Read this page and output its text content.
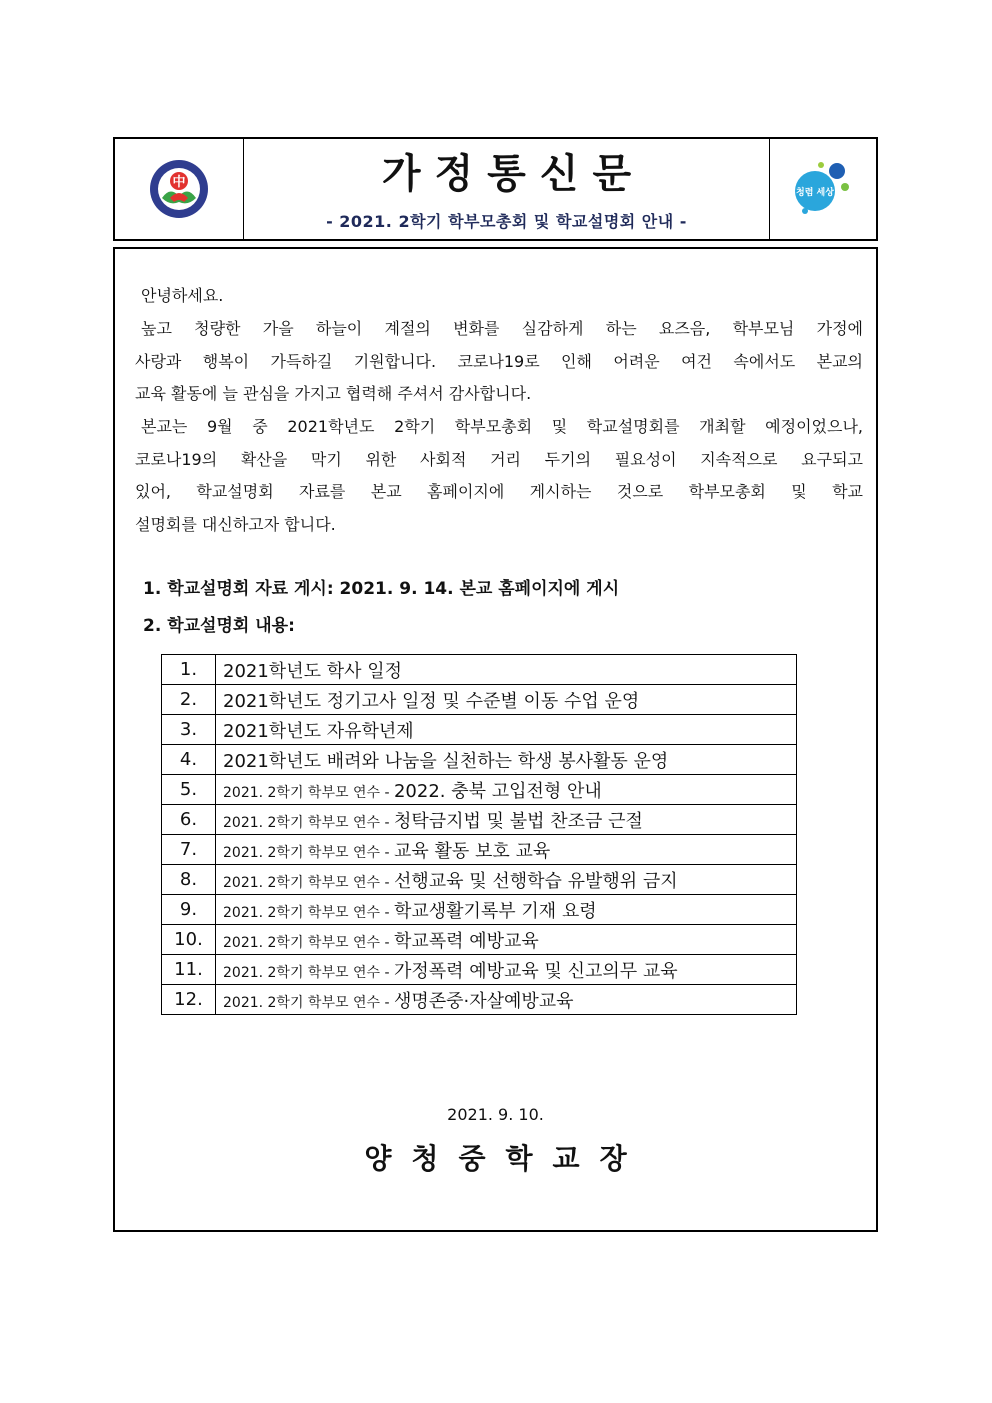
中	가정통신문
- 2021. 2학기 학부모총회 및 학교설명회 안내 -
청렴 세상

안녕하세요.

높고 청량한 가을 하늘이 계절의 변화를 실감하게 하는 요즈음, 학부모님 가정에

사랑과 행복이 가득하길 기원합니다. 코로나19로 인해 어려운 여건 속에서도 본교의

교육 활동에 늘 관심을 가지고 협력해 주셔서 감사합니다.

본교는 9월 중 2021학년도 2학기 학부모총회 및 학교설명회를 개최할 예정이었으나,

코로나19의 확산을 막기 위한 사회적 거리 두기의 필요성이 지속적으로 요구되고

있어, 학교설명회 자료를 본교 홈페이지에 게시하는 것으로 학부모총회 및 학교

설명회를 대신하고자 합니다.

1. 학교설명회 자료 게시: 2021. 9. 14. 본교 홈페이지에 게시
2. 학교설명회 내용:
1.	2021학년도 학사 일정
2.	2021학년도 정기고사 일정 및 수준별 이동 수업 운영
3.	2021학년도 자유학년제
4.	2021학년도 배려와 나눔을 실천하는 학생 봉사활동 운영
5.	2021. 2학기 학부모 연수 - 2022. 충북 고입전형 안내
6.	2021. 2학기 학부모 연수 - 청탁금지법 및 불법 찬조금 근절
7.	2021. 2학기 학부모 연수 - 교육 활동 보호 교육
8.	2021. 2학기 학부모 연수 - 선행교육 및 선행학습 유발행위 금지
9.	2021. 2학기 학부모 연수 - 학교생활기록부 기재 요령
10.	2021. 2학기 학부모 연수 - 학교폭력 예방교육
11.	2021. 2학기 학부모 연수 - 가정폭력 예방교육 및 신고의무 교육
12.	2021. 2학기 학부모 연수 - 생명존중·자살예방교육
2021. 9. 10.
양청중학교장
